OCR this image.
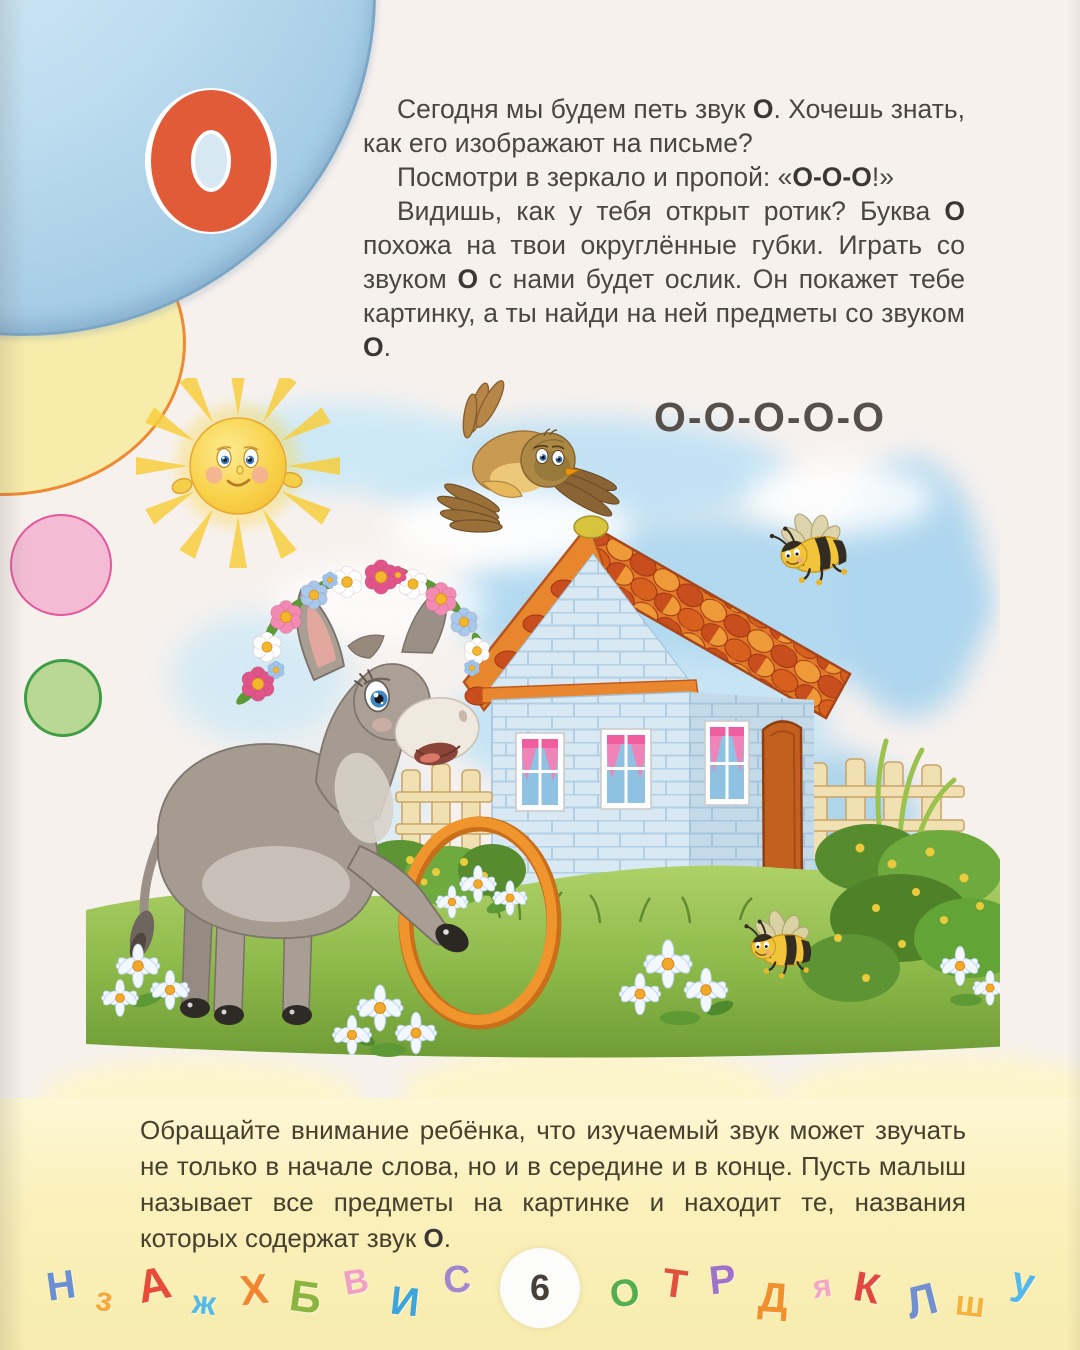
Сегодня мы будем петь звук О. Хочешь знать, как его изображают на письме?

Посмотри в зеркало и пропой: «О-О-О!»

Видишь, как у тебя открыт ротик? Буква О похожа на твои округлённые губки. Играть со звуком О с нами будет ослик. Он покажет тебе картинку, а ты найди на ней предметы со звуком О.

О-О-О-О-О
Обращайте внимание ребёнка, что изучаемый звук может звучать не только в начале слова, но и в середине и в конце. Пусть малыш называет все предметы на картинке и находит те, названия которых содержат звук О.
Н з А ж Х Б В И С 6 О Т Р Д я К Л ш у
